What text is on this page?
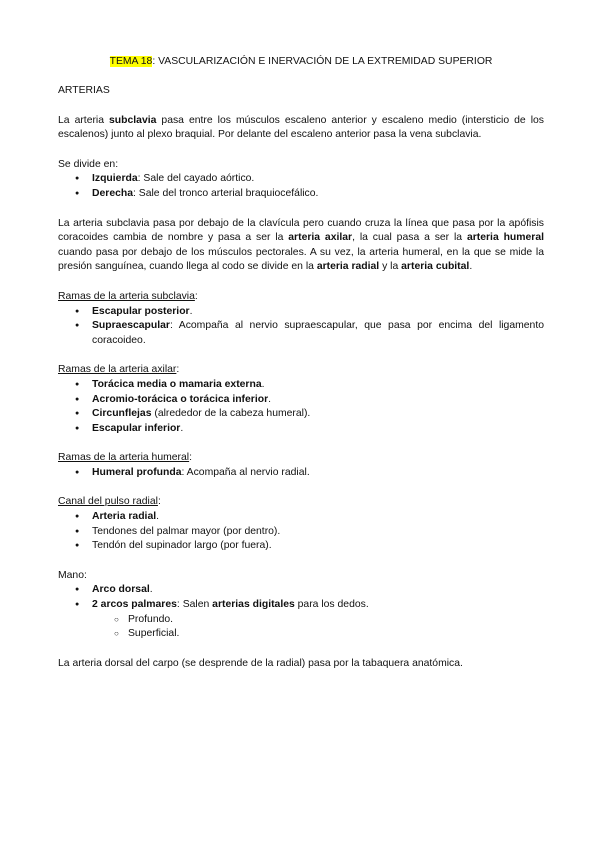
TEMA 18: VASCULARIZACIÓN E INERVACIÓN DE LA EXTREMIDAD SUPERIOR

ARTERIAS

La arteria subclavia pasa entre los músculos escaleno anterior y escaleno medio (intersticio de los escalenos) junto al plexo braquial. Por delante del escaleno anterior pasa la vena subclavia.

Se divide en:

● Izquierda: Sale del cayado aórtico.
● Derecha: Sale del tronco arterial braquiocefálico.

La arteria subclavia pasa por debajo de la clavícula pero cuando cruza la línea que pasa por la apófisis coracoides cambia de nombre y pasa a ser la arteria axilar, la cual pasa a ser la arteria humeral cuando pasa por debajo de los músculos pectorales. A su vez, la arteria humeral, en la que se mide la presión sanguínea, cuando llega al codo se divide en la arteria radial y la arteria cubital.

Ramas de la arteria subclavia:

● Escapular posterior.
● Supraescapular: Acompaña al nervio supraescapular, que pasa por encima del ligamento coracoideo.

Ramas de la arteria axilar:

● Torácica media o mamaria externa.
● Acromio-torácica o torácica inferior.
● Circunflejas (alrededor de la cabeza humeral).
● Escapular inferior.

Ramas de la arteria humeral:

● Humeral profunda: Acompaña al nervio radial.

Canal del pulso radial:

● Arteria radial.
● Tendones del palmar mayor (por dentro).
● Tendón del supinador largo (por fuera).

Mano:

● Arco dorsal.
● 2 arcos palmares: Salen arterias digitales para los dedos.
○ Profundo.
○ Superficial.

La arteria dorsal del carpo (se desprende de la radial) pasa por la tabaquera anatómica.
